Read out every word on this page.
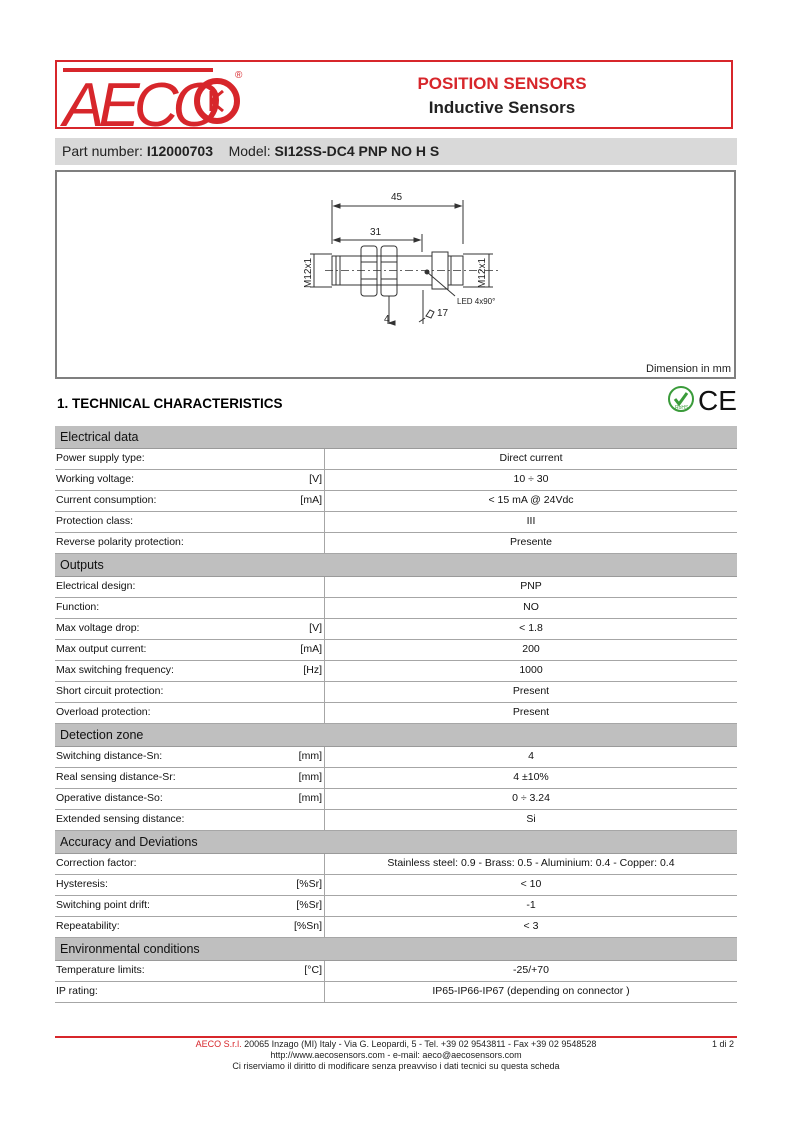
AECO	®	POSITION SENSORS
Inductive Sensors
Part number: I12000703 Model: SI12SS-DC4 PNP NO H S
45
31
M12x1	M12x1
4
17
LED 4x90°
Dimension in mm
1. TECHNICAL CHARACTERISTICS	RoHS CE
Electrical data
Power supply type:	Direct current
Working voltage:	[V]	10 ÷ 30
Current consumption:	[mA]	< 15 mA @ 24Vdc
Protection class:	III
Reverse polarity protection:	Presente
Outputs
Electrical design:	PNP
Function:	NO
Max voltage drop:	[V]	< 1.8
Max output current:	[mA]	200
Max switching frequency:	[Hz]	1000
Short circuit protection:	Present
Overload protection:	Present
Detection zone
Switching distance-Sn:	[mm]	4
Real sensing distance-Sr:	[mm]	4 ±10%
Operative distance-So:	[mm]	0 ÷ 3.24
Extended sensing distance:	Si
Accuracy and Deviations
Correction factor:	Stainless steel: 0.9 - Brass: 0.5 - Aluminium: 0.4 - Copper: 0.4
Hysteresis:	[%Sr]	< 10
Switching point drift:	[%Sr]	-1
Repeatability:	[%Sn]	< 3
Environmental conditions
Temperature limits:	[°C]	-25/+70
IP rating:	IP65-IP66-IP67 (depending on connector )
AECO S.r.l. 20065 Inzago (MI) Italy - Via G. Leopardi, 5 - Tel. +39 02 9543811 - Fax +39 02 9548528
http://www.aecosensors.com - e-mail: aeco@aecosensors.com
Ci riserviamo il diritto di modificare senza preavviso i dati tecnici su questa scheda
1 di 2
